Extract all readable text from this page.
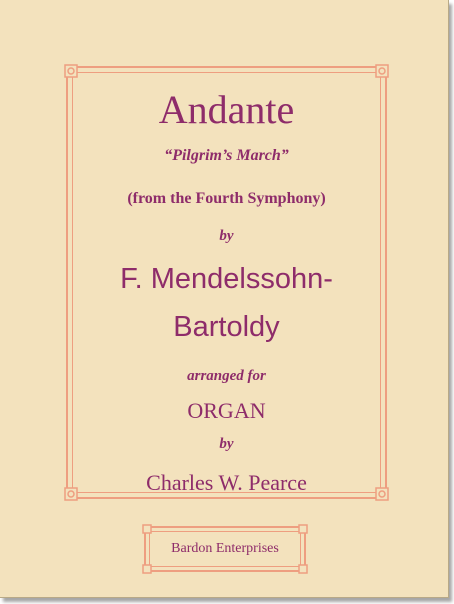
Andante
“Pilgrim’s March”
(from the Fourth Symphony)
by
F. Mendelssohn-
Bartoldy
arranged for
ORGAN
by
Charles W. Pearce
Bardon Enterprises
